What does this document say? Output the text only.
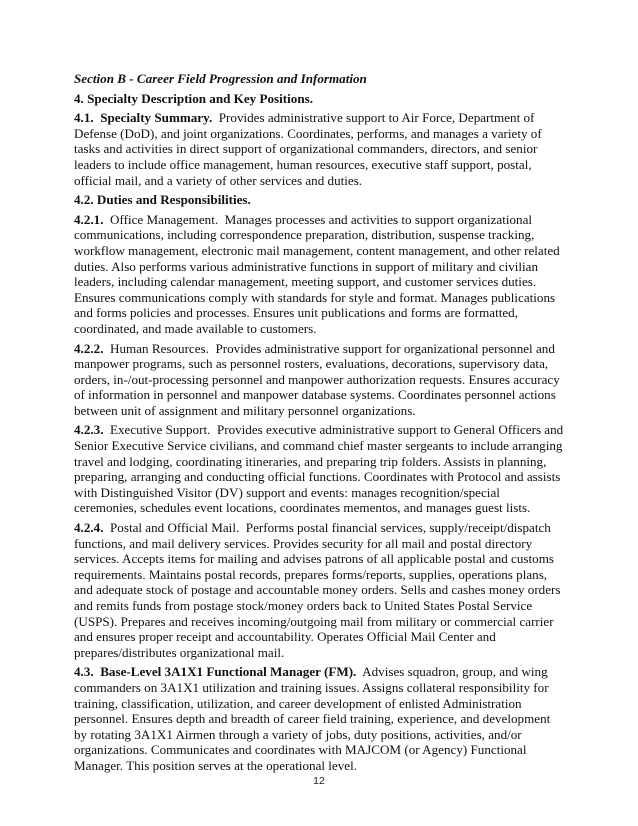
Section B - Career Field Progression and Information
4. Specialty Description and Key Positions.
4.1. Specialty Summary. Provides administrative support to Air Force, Department of Defense (DoD), and joint organizations. Coordinates, performs, and manages a variety of tasks and activities in direct support of organizational commanders, directors, and senior leaders to include office management, human resources, executive staff support, postal, official mail, and a variety of other services and duties.
4.2. Duties and Responsibilities.
4.2.1. Office Management. Manages processes and activities to support organizational communications, including correspondence preparation, distribution, suspense tracking, workflow management, electronic mail management, content management, and other related duties. Also performs various administrative functions in support of military and civilian leaders, including calendar management, meeting support, and customer services duties. Ensures communications comply with standards for style and format. Manages publications and forms policies and processes. Ensures unit publications and forms are formatted, coordinated, and made available to customers.
4.2.2. Human Resources. Provides administrative support for organizational personnel and manpower programs, such as personnel rosters, evaluations, decorations, supervisory data, orders, in-/out-processing personnel and manpower authorization requests. Ensures accuracy of information in personnel and manpower database systems. Coordinates personnel actions between unit of assignment and military personnel organizations.
4.2.3. Executive Support. Provides executive administrative support to General Officers and Senior Executive Service civilians, and command chief master sergeants to include arranging travel and lodging, coordinating itineraries, and preparing trip folders. Assists in planning, preparing, arranging and conducting official functions. Coordinates with Protocol and assists with Distinguished Visitor (DV) support and events: manages recognition/special ceremonies, schedules event locations, coordinates mementos, and manages guest lists.
4.2.4. Postal and Official Mail. Performs postal financial services, supply/receipt/dispatch functions, and mail delivery services. Provides security for all mail and postal directory services. Accepts items for mailing and advises patrons of all applicable postal and customs requirements. Maintains postal records, prepares forms/reports, supplies, operations plans, and adequate stock of postage and accountable money orders. Sells and cashes money orders and remits funds from postage stock/money orders back to United States Postal Service (USPS). Prepares and receives incoming/outgoing mail from military or commercial carrier and ensures proper receipt and accountability. Operates Official Mail Center and prepares/distributes organizational mail.
4.3. Base-Level 3A1X1 Functional Manager (FM). Advises squadron, group, and wing commanders on 3A1X1 utilization and training issues. Assigns collateral responsibility for training, classification, utilization, and career development of enlisted Administration personnel. Ensures depth and breadth of career field training, experience, and development by rotating 3A1X1 Airmen through a variety of jobs, duty positions, activities, and/or organizations. Communicates and coordinates with MAJCOM (or Agency) Functional Manager. This position serves at the operational level.
12
